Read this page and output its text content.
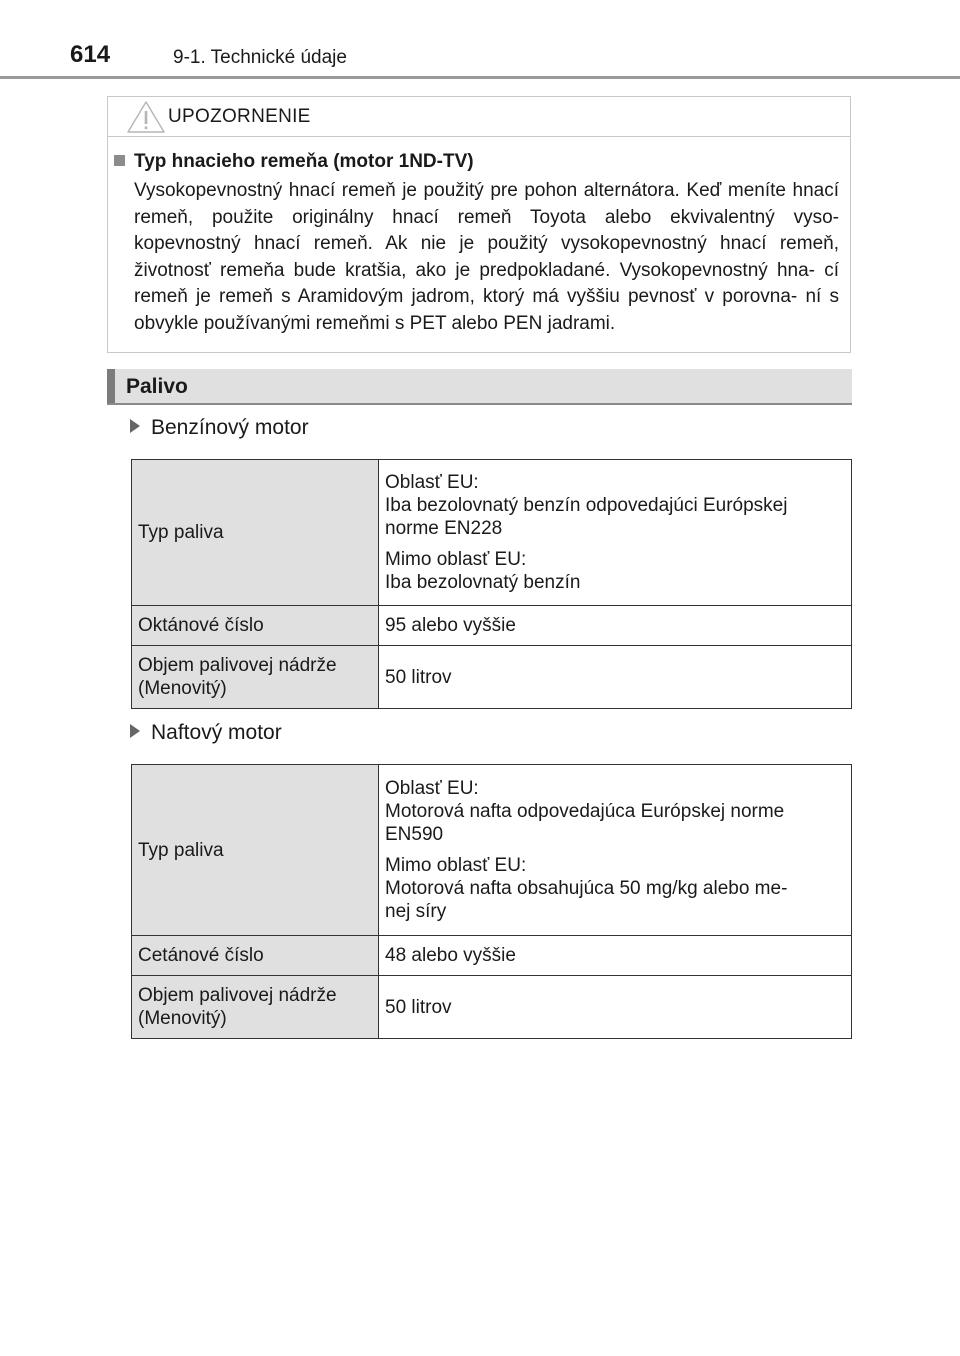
614	9-1. Technické údaje
UPOZORNENIE
Typ hnacieho remeňa (motor 1ND-TV)
Vysokopevnostný hnací remeň je použitý pre pohon alternátora. Keď meníte hnací remeň, použite originálny hnací remeň Toyota alebo ekvivalentný vyso- kopevnostný hnací remeň. Ak nie je použitý vysokopevnostný hnací remeň, životnosť remeňa bude kratšia, ako je predpokladané. Vysokopevnostný hna- cí remeň je remeň s Aramidovým jadrom, ktorý má vyššiu pevnosť v porovna- ní s obvykle používanými remeňmi s PET alebo PEN jadrami.
Palivo
Benzínový motor
Typ paliva	Oblasť EU:
Iba bezolovnatý benzín odpovedajúci Európskej norme EN228

Mimo oblasť EU:
Iba bezolovnatý benzín

Oktánové číslo	95 alebo vyššie
Objem palivovej nádrže
(Menovitý)	50 litrov
Naftový motor
Typ paliva	Oblasť EU:
Motorová nafta odpovedajúca Európskej norme EN590

Mimo oblasť EU:
Motorová nafta obsahujúca 50 mg/kg alebo me-
nej síry

Cetánové číslo	48 alebo vyššie
Objem palivovej nádrže
(Menovitý)	50 litrov
